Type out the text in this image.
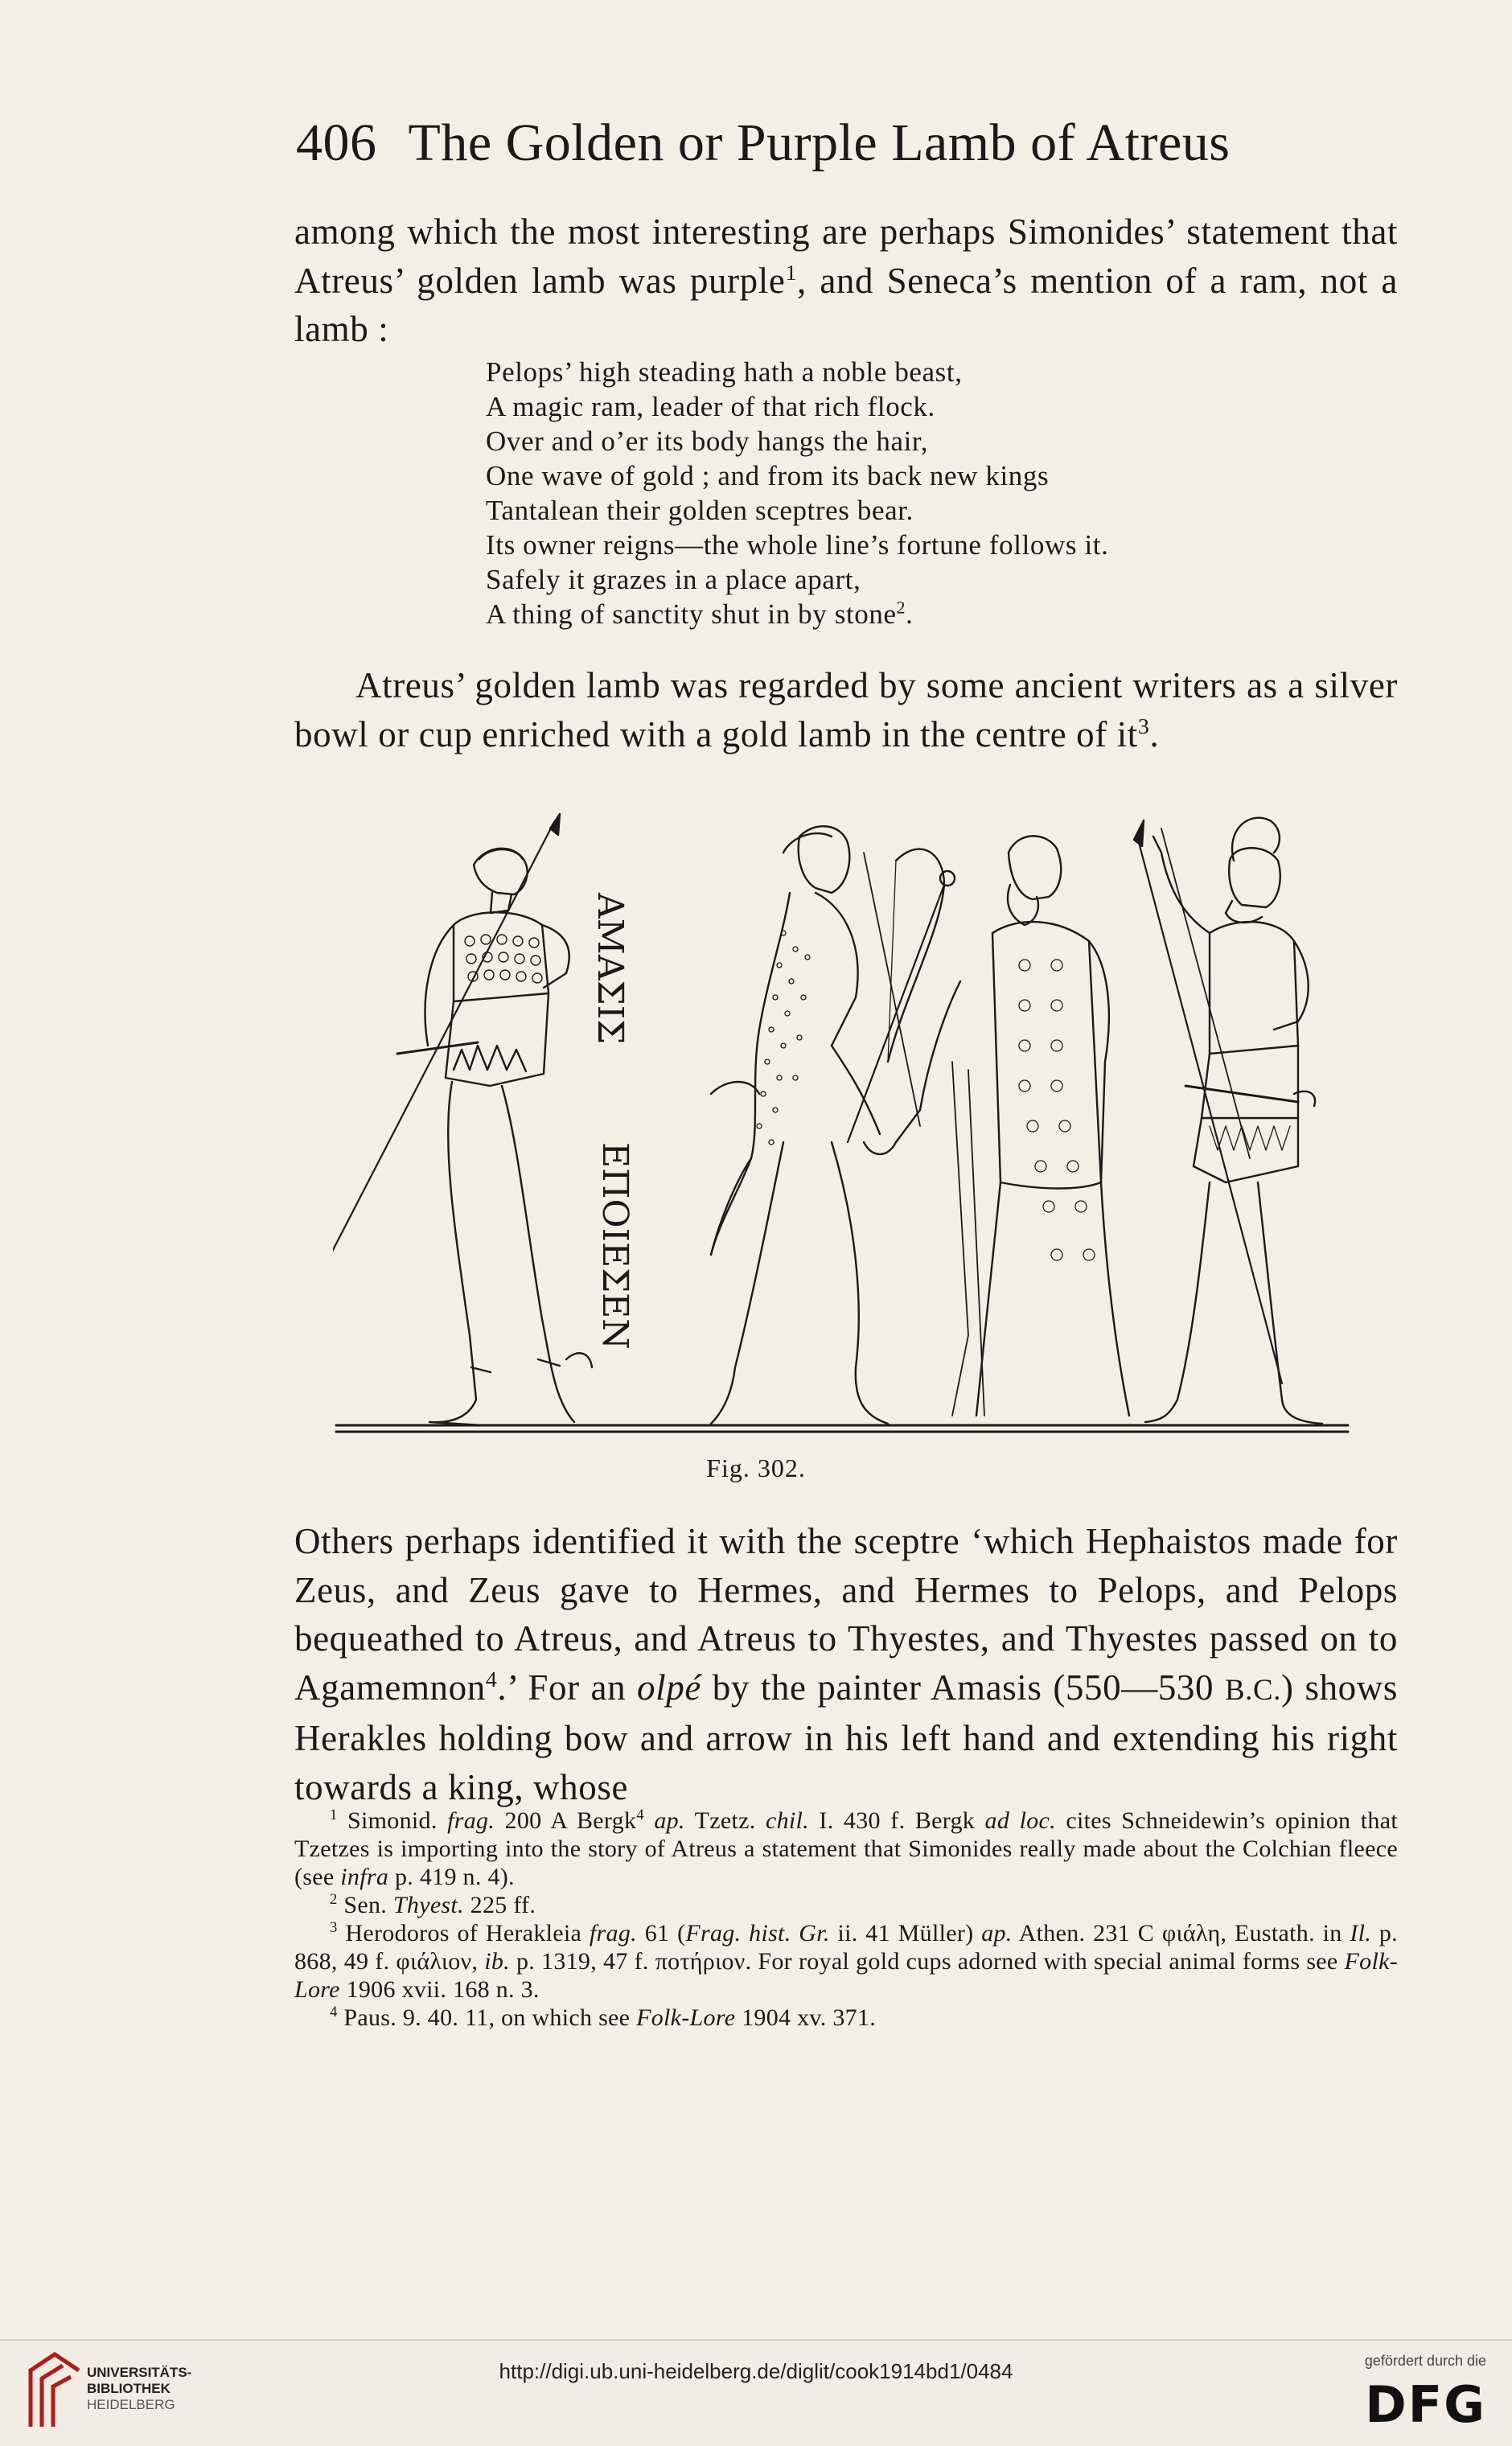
406 The Golden or Purple Lamb of Atreus

among which the most interesting are perhaps Simonides’ statement that Atreus’ golden lamb was purple$^1$, and Seneca’s mention of a ram, not a lamb :

Pelops’ high steading hath a noble beast,
A magic ram, leader of that rich flock.
Over and o’er its body hangs the hair,
One wave of gold ; and from its back new kings
Tantalean their golden sceptres bear.
Its owner reigns—the whole line’s fortune follows it.
Safely it grazes in a place apart,
A thing of sanctity shut in by stone$^2$.

Atreus’ golden lamb was regarded by some ancient writers as a silver bowl or cup enriched with a gold lamb in the centre of $it^3$.

ΑΜΑΣΙΣ
ΕΠΟΙΕΣΕΝ
Fig. 302.

Others perhaps identified it with the sceptre ‘which Hephaistos made for Zeus, and Zeus gave to Hermes, and Hermes to Pelops, and Pelops bequeathed to Atreus, and Atreus to Thyestes, and Thyestes passed on to Agamemnon$^4$.’ For an olpé by the painter Amasis (550—530 B.C.) shows Herakles holding bow and arrow in his left hand and extending his right towards a king, whose

$^1$ Simonid. frag. 200 A Bergk$^4$ ap. Tzetz. chil. I. 430 f. Bergk ad loc. cites Schneidewin’s opinion that Tzetzes is importing into the story of Atreus a statement that Simonides really made about the Colchian fleece (see infra p. 419 n. 4).

$^2$ Sen. Thyest. 225 ff.

$^3$ Herodoros of Herakleia frag. 61 (Frag. hist. Gr. ii. 41 Müller) ap. Athen. 231 C φιάλη, Eustath. in Il. p. 868, 49 f. φιάλιον, ib. p. 1319, 47 f. ποτήριον. For royal gold cups adorned with special animal forms see Folk-Lore 1906 xvii. 168 n. 3.

$^4$ Paus. 9. 40. 11, on which see Folk-Lore 1904 xv. 371.

UNIVERSITÄTS-
BIBLIOTHEK
HEIDELBERG
http://digi.ub.uni-heidelberg.de/diglit/cook1914bd1/0484	gefördert durch die
DFG
